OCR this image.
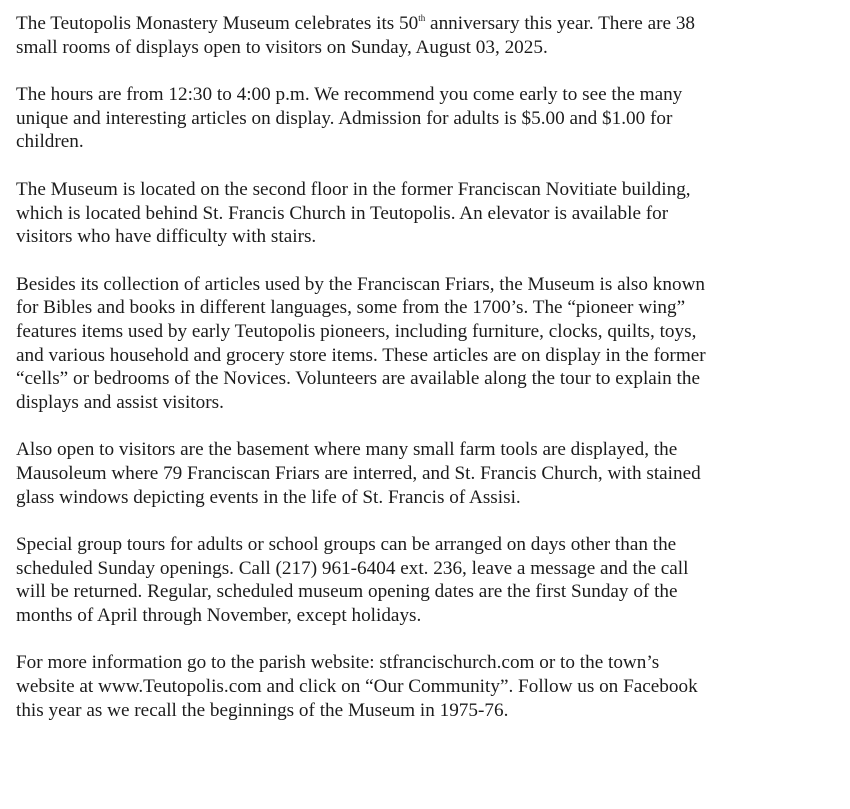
The Teutopolis Monastery Museum celebrates its 50th anniversary this year. There are 38
small rooms of displays open to visitors on Sunday, August 03, 2025.

The hours are from 12:30 to 4:00 p.m. We recommend you come early to see the many
unique and interesting articles on display. Admission for adults is $5.00 and $1.00 for
children.

The Museum is located on the second floor in the former Franciscan Novitiate building,
which is located behind St. Francis Church in Teutopolis. An elevator is available for
visitors who have difficulty with stairs.

Besides its collection of articles used by the Franciscan Friars, the Museum is also known
for Bibles and books in different languages, some from the 1700’s. The “pioneer wing”
features items used by early Teutopolis pioneers, including furniture, clocks, quilts, toys,
and various household and grocery store items. These articles are on display in the former
“cells” or bedrooms of the Novices. Volunteers are available along the tour to explain the
displays and assist visitors.

Also open to visitors are the basement where many small farm tools are displayed, the
Mausoleum where 79 Franciscan Friars are interred, and St. Francis Church, with stained
glass windows depicting events in the life of St. Francis of Assisi.

Special group tours for adults or school groups can be arranged on days other than the
scheduled Sunday openings. Call (217) 961-6404 ext. 236, leave a message and the call
will be returned. Regular, scheduled museum opening dates are the first Sunday of the
months of April through November, except holidays.

For more information go to the parish website: stfrancischurch.com or to the town’s
website at www.Teutopolis.com and click on “Our Community”. Follow us on Facebook
this year as we recall the beginnings of the Museum in 1975-76.
